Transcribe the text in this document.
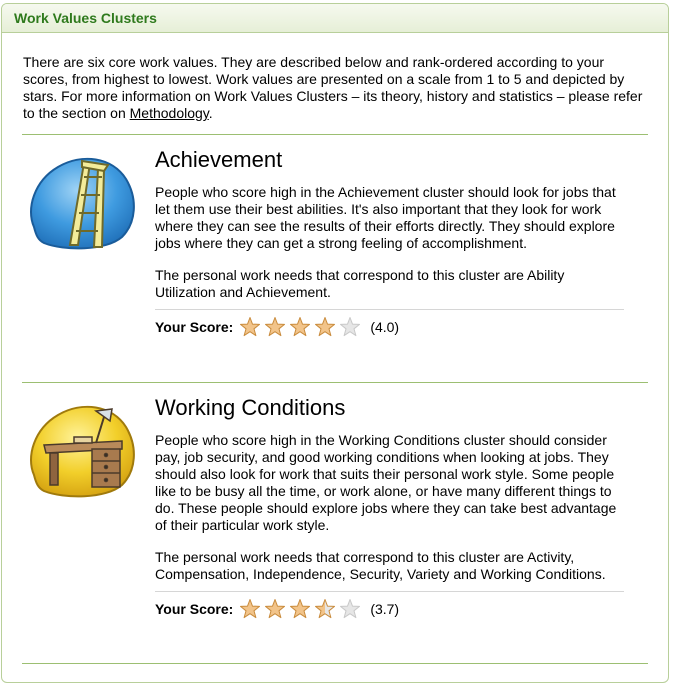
Work Values Clusters

There are six core work values. They are described below and rank-ordered according to your scores, from highest to lowest. Work values are presented on a scale from 1 to 5 and depicted by stars. For more information on Work Values Clusters – its theory, history and statistics – please refer to the section on Methodology.

Achievement

People who score high in the Achievement cluster should look for jobs that let them use their best abilities. It's also important that they look for work where they can see the results of their efforts directly. They should explore jobs where they can get a strong feeling of accomplishment.

The personal work needs that correspond to this cluster are Ability Utilization and Achievement.

Your Score:	(4.0)
Working Conditions

People who score high in the Working Conditions cluster should consider pay, job security, and good working conditions when looking at jobs. They should also look for work that suits their personal work style. Some people like to be busy all the time, or work alone, or have many different things to do. These people should explore jobs where they can take best advantage of their particular work style.

The personal work needs that correspond to this cluster are Activity, Compensation, Independence, Security, Variety and Working Conditions.

Your Score:	(3.7)
